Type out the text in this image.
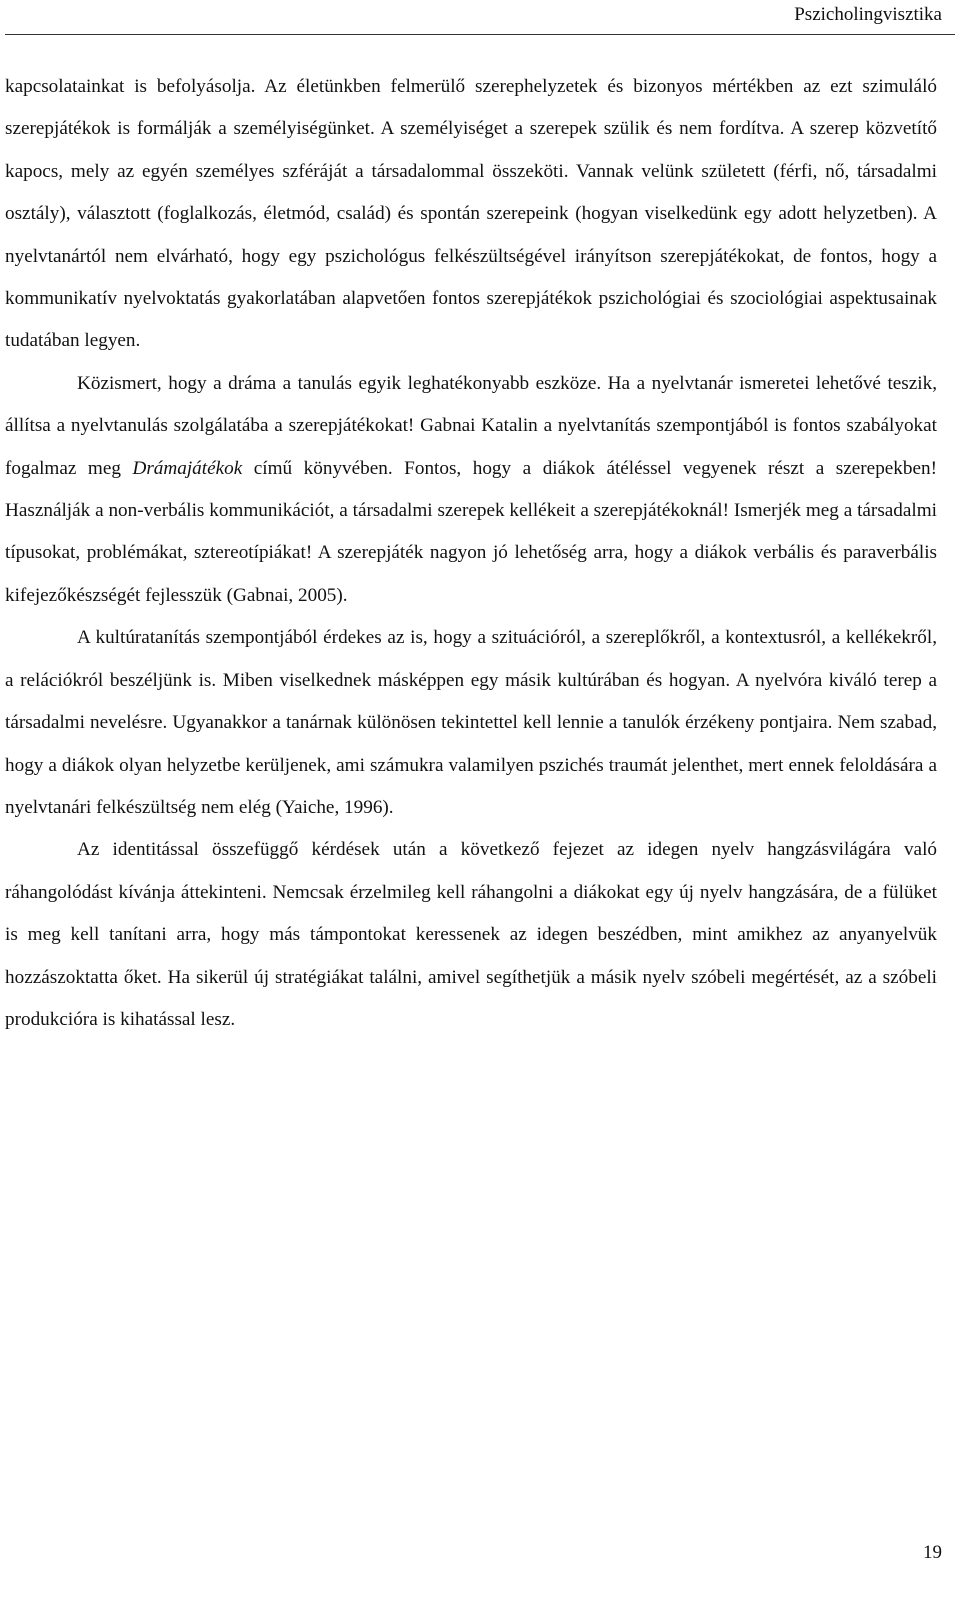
Pszicholingvisztika

kapcsolatainkat is befolyásolja. Az életünkben felmerülő szerephelyzetek és bizonyos mértékben az ezt szimuláló szerepjátékok is formálják a személyiségünket. A személyiséget a szerepek szülik és nem fordítva. A szerep közvetítő kapocs, mely az egyén személyes szféráját a társadalommal összeköti. Vannak velünk született (férfi, nő, társadalmi osztály), választott (foglalkozás, életmód, család) és spontán szerepeink (hogyan viselkedünk egy adott helyzetben). A nyelvtanártól nem elvárható, hogy egy pszichológus felkészültségével irányítson szerepjátékokat, de fontos, hogy a kommunikatív nyelvoktatás gyakorlatában alapvetően fontos szerepjátékok pszichológiai és szociológiai aspektusainak tudatában legyen.

Közismert, hogy a dráma a tanulás egyik leghatékonyabb eszköze. Ha a nyelvtanár ismeretei lehetővé teszik, állítsa a nyelvtanulás szolgálatába a szerepjátékokat! Gabnai Katalin a nyelvtanítás szempontjából is fontos szabályokat fogalmaz meg Drámajátékok című könyvében. Fontos, hogy a diákok átéléssel vegyenek részt a szerepekben! Használják a non-verbális kommunikációt, a társadalmi szerepek kellékeit a szerepjátékoknál! Ismerjék meg a társadalmi típusokat, problémákat, sztereotípiákat! A szerepjáték nagyon jó lehetőség arra, hogy a diákok verbális és paraverbális kifejezőkészségét fejlesszük (Gabnai, 2005).

A kultúratanítás szempontjából érdekes az is, hogy a szituációról, a szereplőkről, a kontextusról, a kellékekről, a relációkról beszéljünk is. Miben viselkednek másképpen egy másik kultúrában és hogyan. A nyelvóra kiváló terep a társadalmi nevelésre. Ugyanakkor a tanárnak különösen tekintettel kell lennie a tanulók érzékeny pontjaira. Nem szabad, hogy a diákok olyan helyzetbe kerüljenek, ami számukra valamilyen pszichés traumát jelenthet, mert ennek feloldására a nyelvtanári felkészültség nem elég (Yaiche, 1996).

Az identitással összefüggő kérdések után a következő fejezet az idegen nyelv hangzásvilágára való ráhangolódást kívánja áttekinteni. Nemcsak érzelmileg kell ráhangolni a diákokat egy új nyelv hangzására, de a fülüket is meg kell tanítani arra, hogy más támpontokat keressenek az idegen beszédben, mint amikhez az anyanyelvük hozzászoktatta őket. Ha sikerül új stratégiákat találni, amivel segíthetjük a másik nyelv szóbeli megértését, az a szóbeli produkcióra is kihatással lesz.

19
